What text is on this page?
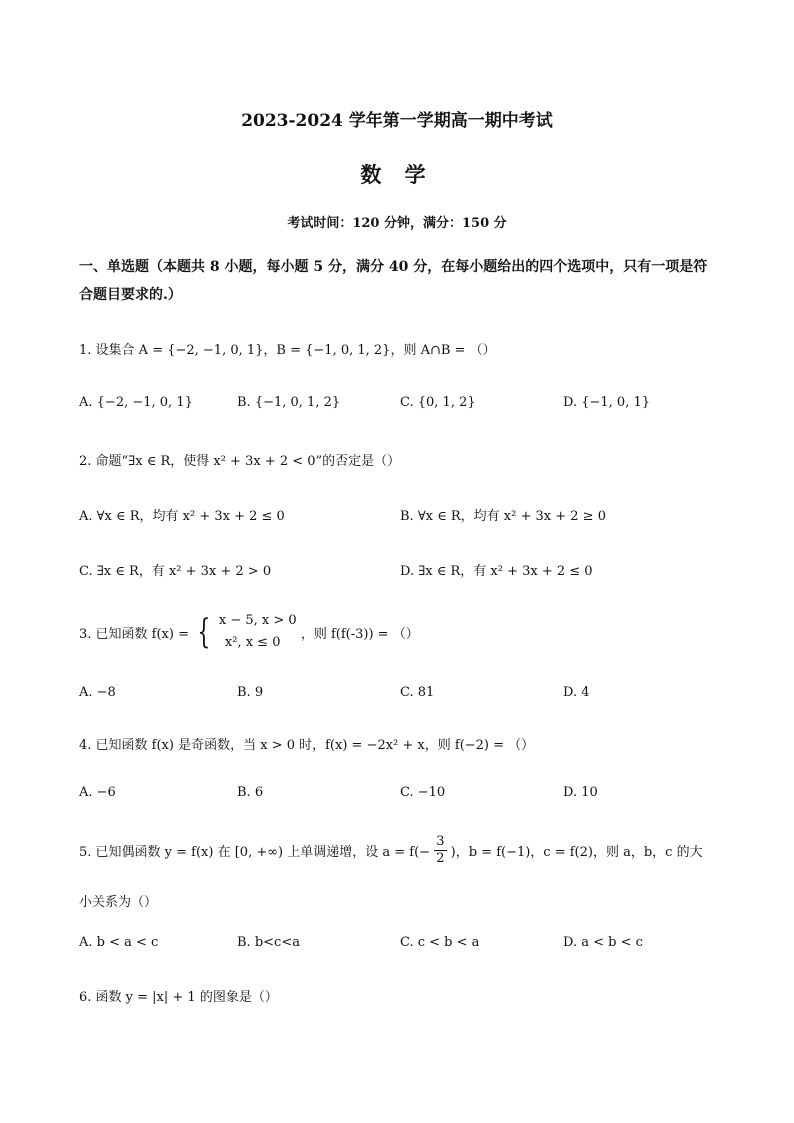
2023-2024 学年第一学期高一期中考试
数 学
考试时间：120 分钟，满分：150 分
一、单选题（本题共 8 小题，每小题 5 分，满分 40 分，在每小题给出的四个选项中，只有一项是符合题目要求的.）
1. 设集合 A = {−2, −1, 0, 1}，B = {−1, 0, 1, 2}，则 A∩B = （）
A. {−2, −1, 0, 1}	B. {−1, 0, 1, 2}	C. {0, 1, 2}	D. {−1, 0, 1}
2. 命题“∃x ∈ R，使得 x² + 3x + 2 < 0”的否定是（）
A. ∀x ∈ R，均有 x² + 3x + 2 ≤ 0	B. ∀x ∈ R，均有 x² + 3x + 2 ≥ 0
C. ∃x ∈ R，有 x² + 3x + 2 > 0	D. ∃x ∈ R，有 x² + 3x + 2 ≤ 0
3. 已知函数 f(x) = { x − 5, x > 0
x², x ≤ 0
，则 f(f(-3)) = （）
A. −8	B. 9	C. 81	D. 4
4. 已知函数 f(x) 是奇函数，当 x > 0 时，f(x) = −2x² + x，则 f(−2) = （）
A. −6	B. 6	C. −10	D. 10
5. 已知偶函数 y = f(x) 在 [0, +∞) 上单调递增，设 $a = f(- \frac{3}{2}$ )，b = f(−1)，c = f(2)，则 a，b，c 的大
小关系为（）
A. b < a < c	B. b<c<a	C. c < b < a	D. a < b < c
6. 函数 y = |x| + 1 的图象是（）
